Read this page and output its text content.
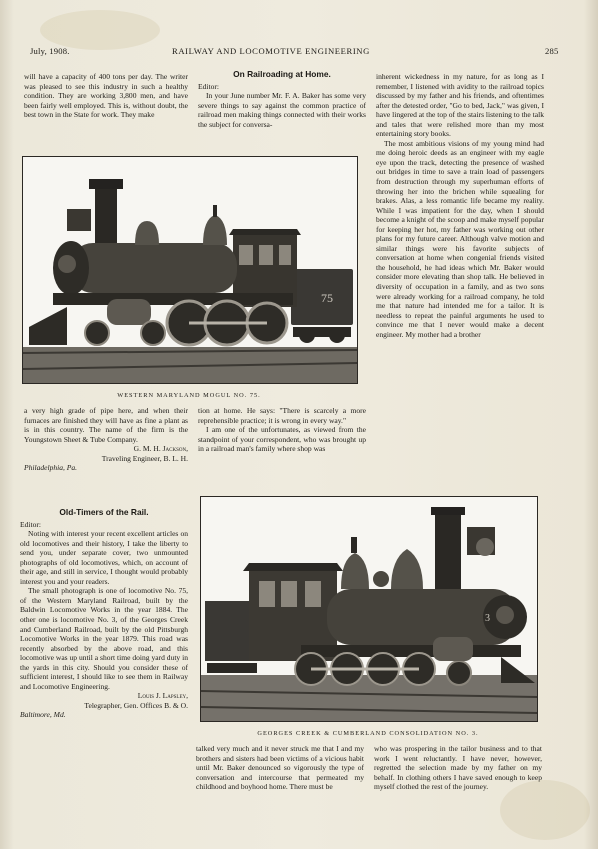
July, 1908.	RAILWAY AND LOCOMOTIVE ENGINEERING	285

will have a capacity of 400 tons per day. The writer was pleased to see this industry in such a healthy condition. They are working 3,800 men, and have been fairly well employed. This is, without doubt, the best town in the State for work. They make

On Railroading at Home.

Editor:

In your June number Mr. F. A. Baker has some very severe things to say against the common practice of railroad men making things connected with their works the subject for conversa-

inherent wickedness in my nature, for as long as I remember, I listened with avidity to the railroad topics discussed by my father and his friends, and oftentimes after the detested order, "Go to bed, Jack," was given, I have lingered at the top of the stairs listening to the talk and tales that were relished more than my most entertaining story books.

The most ambitious visions of my young mind had me doing heroic deeds as an engineer with my eagle eye upon the track, detecting the presence of washed out bridges in time to save a train load of passengers from destruction through my superhuman efforts of throwing her into the brichen while squealing for brakes. Alas, a less romantic life became my reality. While I was impatient for the day, when I should become a knight of the scoop and make myself popular for keeping her hot, my father was working out other plans for my future career. Although valve motion and similar things were his favorite subjects of conversation at home when congenial friends visited the household, he had ideas which Mr. Baker would consider more elevating than shop talk. He believed in diversity of occupation in a family, and as two sons were already working for a railroad company, he told me that nature had intended me for a tailor. It is needless to repeat the painful arguments he used to convince me that I never would make a decent engineer. My mother had a brother

75
WESTERN MARYLAND MOGUL NO. 75.

a very high grade of pipe here, and when their furnaces are finished they will have as fine a plant as is in this country. The name of the firm is the Youngstown Sheet & Tube Company.

G. M. H. Jackson,

Traveling Engineer, B. L. H.

Philadelphia, Pa.

tion at home. He says: "There is scarcely a more reprehensible practice; it is wrong in every way."

I am one of the unfortunates, as viewed from the standpoint of your correspondent, who was brought up in a railroad man's family where shop was

Old-Timers of the Rail.

Editor:

Noting with interest your recent excellent articles on old locomotives and their history, I take the liberty to send you, under separate cover, two unmounted photographs of old locomotives, which, on account of their age, and still in service, I thought would probably interest you and your readers.

The small photograph is one of locomotive No. 75, of the Western Maryland Railroad, built by the Baldwin Locomotive Works in the year 1884. The other one is locomotive No. 3, of the Georges Creek and Cumberland Railroad, built by the old Pittsburgh Locomotive Works in the year 1879. This road was recently absorbed by the above road, and this locomotive was up until a short time doing yard duty in the yards in this city. Should you consider these of sufficient interest, I should like to see them in Railway and Locomotive Engineering.

Louis J. Lapsley,

Telegrapher, Gen. Offices B. & O.

Baltimore, Md.

3
GEORGES CREEK & CUMBERLAND CONSOLIDATION NO. 3.

talked very much and it never struck me that I and my brothers and sisters had been victims of a vicious habit until Mr. Baker denounced so vigorously the type of conversation and intercourse that permeated my childhood and boyhood home. There must be

who was prospering in the tailor business and to that work I went reluctantly. I have never, however, regretted the selection made by my father on my behalf. In clothing others I have saved enough to keep myself clothed the rest of the journey.
